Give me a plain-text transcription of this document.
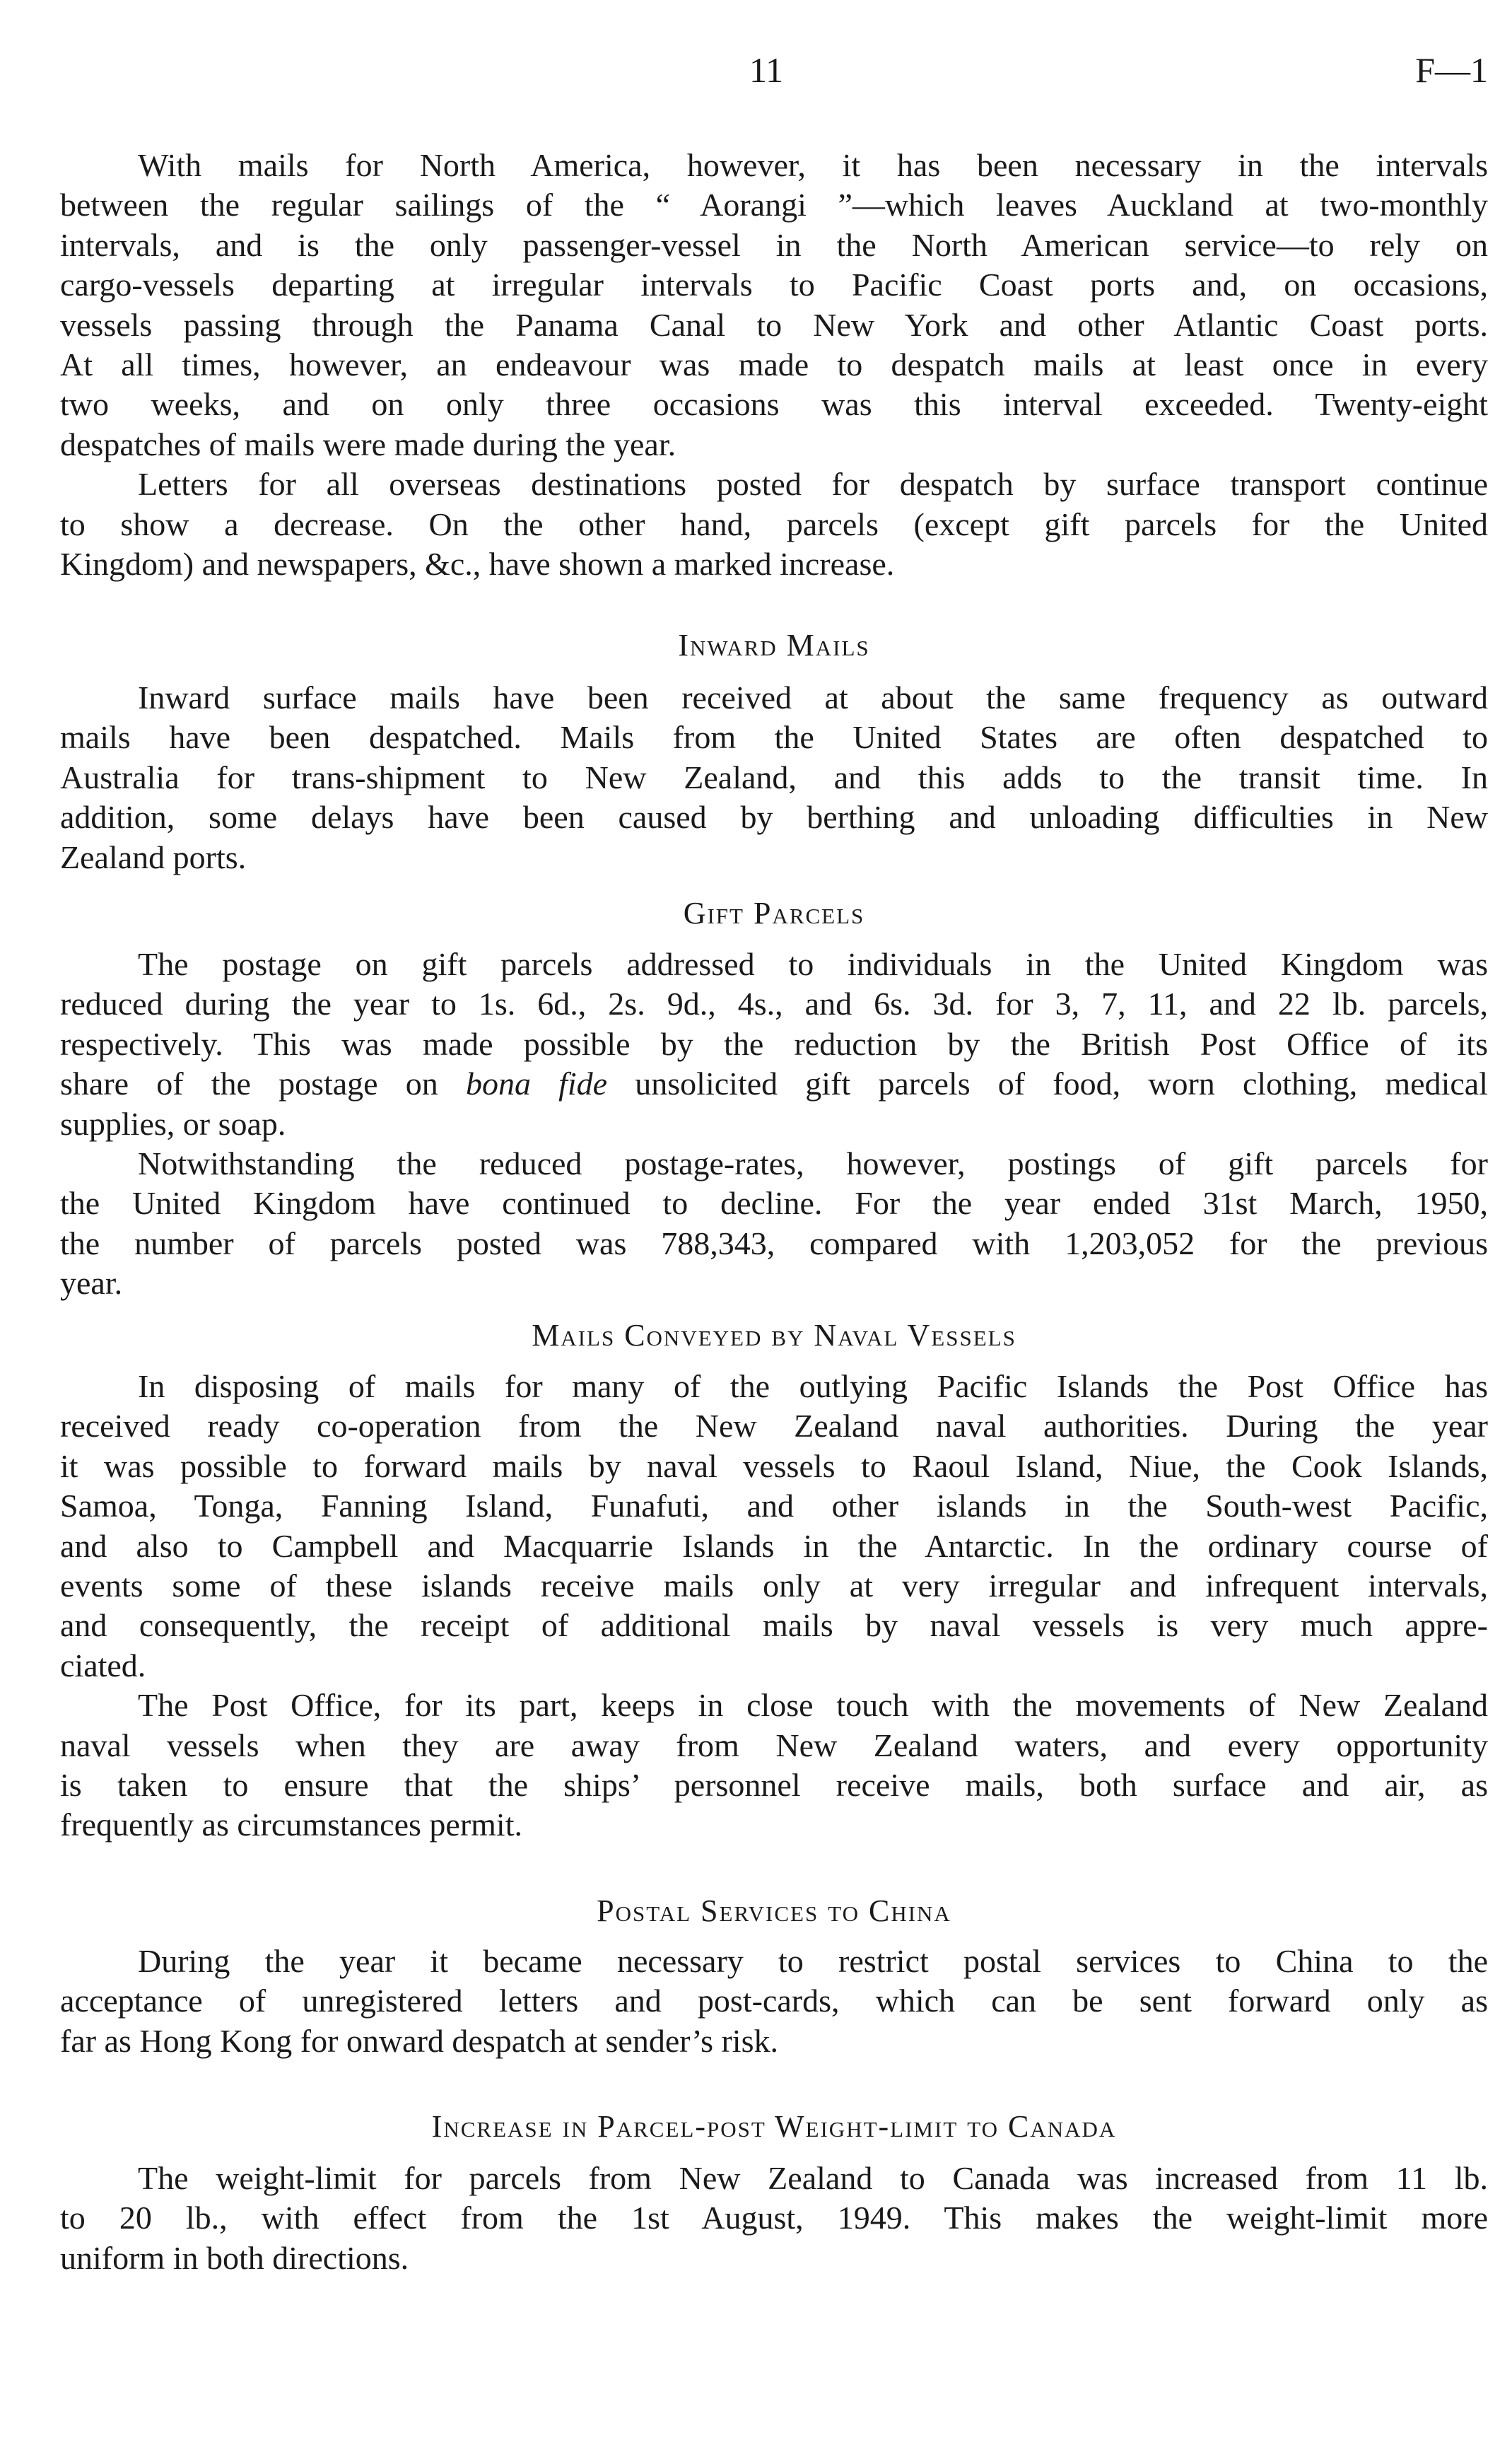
11	F—1
With mails for North America, however, it has been necessary in the intervals
between the regular sailings of the “ Aorangi ”—which leaves Auckland at two-monthly
intervals, and is the only passenger-vessel in the North American service—to rely on
cargo-vessels departing at irregular intervals to Pacific Coast ports and, on occasions,
vessels passing through the Panama Canal to New York and other Atlantic Coast ports.
At all times, however, an endeavour was made to despatch mails at least once in every
two weeks, and on only three occasions was this interval exceeded. Twenty-eight
despatches of mails were made during the year.
Letters for all overseas destinations posted for despatch by surface transport continue
to show a decrease. On the other hand, parcels (except gift parcels for the United
Kingdom) and newspapers, &c., have shown a marked increase.
Inward Mails
Inward surface mails have been received at about the same frequency as outward
mails have been despatched. Mails from the United States are often despatched to
Australia for trans-shipment to New Zealand, and this adds to the transit time. In
addition, some delays have been caused by berthing and unloading difficulties in New
Zealand ports.
Gift Parcels
The postage on gift parcels addressed to individuals in the United Kingdom was
reduced during the year to 1s. 6d., 2s. 9d., 4s., and 6s. 3d. for 3, 7, 11, and 22 lb. parcels,
respectively. This was made possible by the reduction by the British Post Office of its
share of the postage on bona fide unsolicited gift parcels of food, worn clothing, medical
supplies, or soap.
Notwithstanding the reduced postage-rates, however, postings of gift parcels for
the United Kingdom have continued to decline. For the year ended 31st March, 1950,
the number of parcels posted was 788,343, compared with 1,203,052 for the previous
year.
Mails Conveyed by Naval Vessels
In disposing of mails for many of the outlying Pacific Islands the Post Office has
received ready co-operation from the New Zealand naval authorities. During the year
it was possible to forward mails by naval vessels to Raoul Island, Niue, the Cook Islands,
Samoa, Tonga, Fanning Island, Funafuti, and other islands in the South-west Pacific,
and also to Campbell and Macquarrie Islands in the Antarctic. In the ordinary course of
events some of these islands receive mails only at very irregular and infrequent intervals,
and consequently, the receipt of additional mails by naval vessels is very much appre-
ciated.
The Post Office, for its part, keeps in close touch with the movements of New Zealand
naval vessels when they are away from New Zealand waters, and every opportunity
is taken to ensure that the ships’ personnel receive mails, both surface and air, as
frequently as circumstances permit.
Postal Services to China
During the year it became necessary to restrict postal services to China to the
acceptance of unregistered letters and post-cards, which can be sent forward only as
far as Hong Kong for onward despatch at sender’s risk.
Increase in Parcel-post Weight-limit to Canada
The weight-limit for parcels from New Zealand to Canada was increased from 11 lb.
to 20 lb., with effect from the 1st August, 1949. This makes the weight-limit more
uniform in both directions.
